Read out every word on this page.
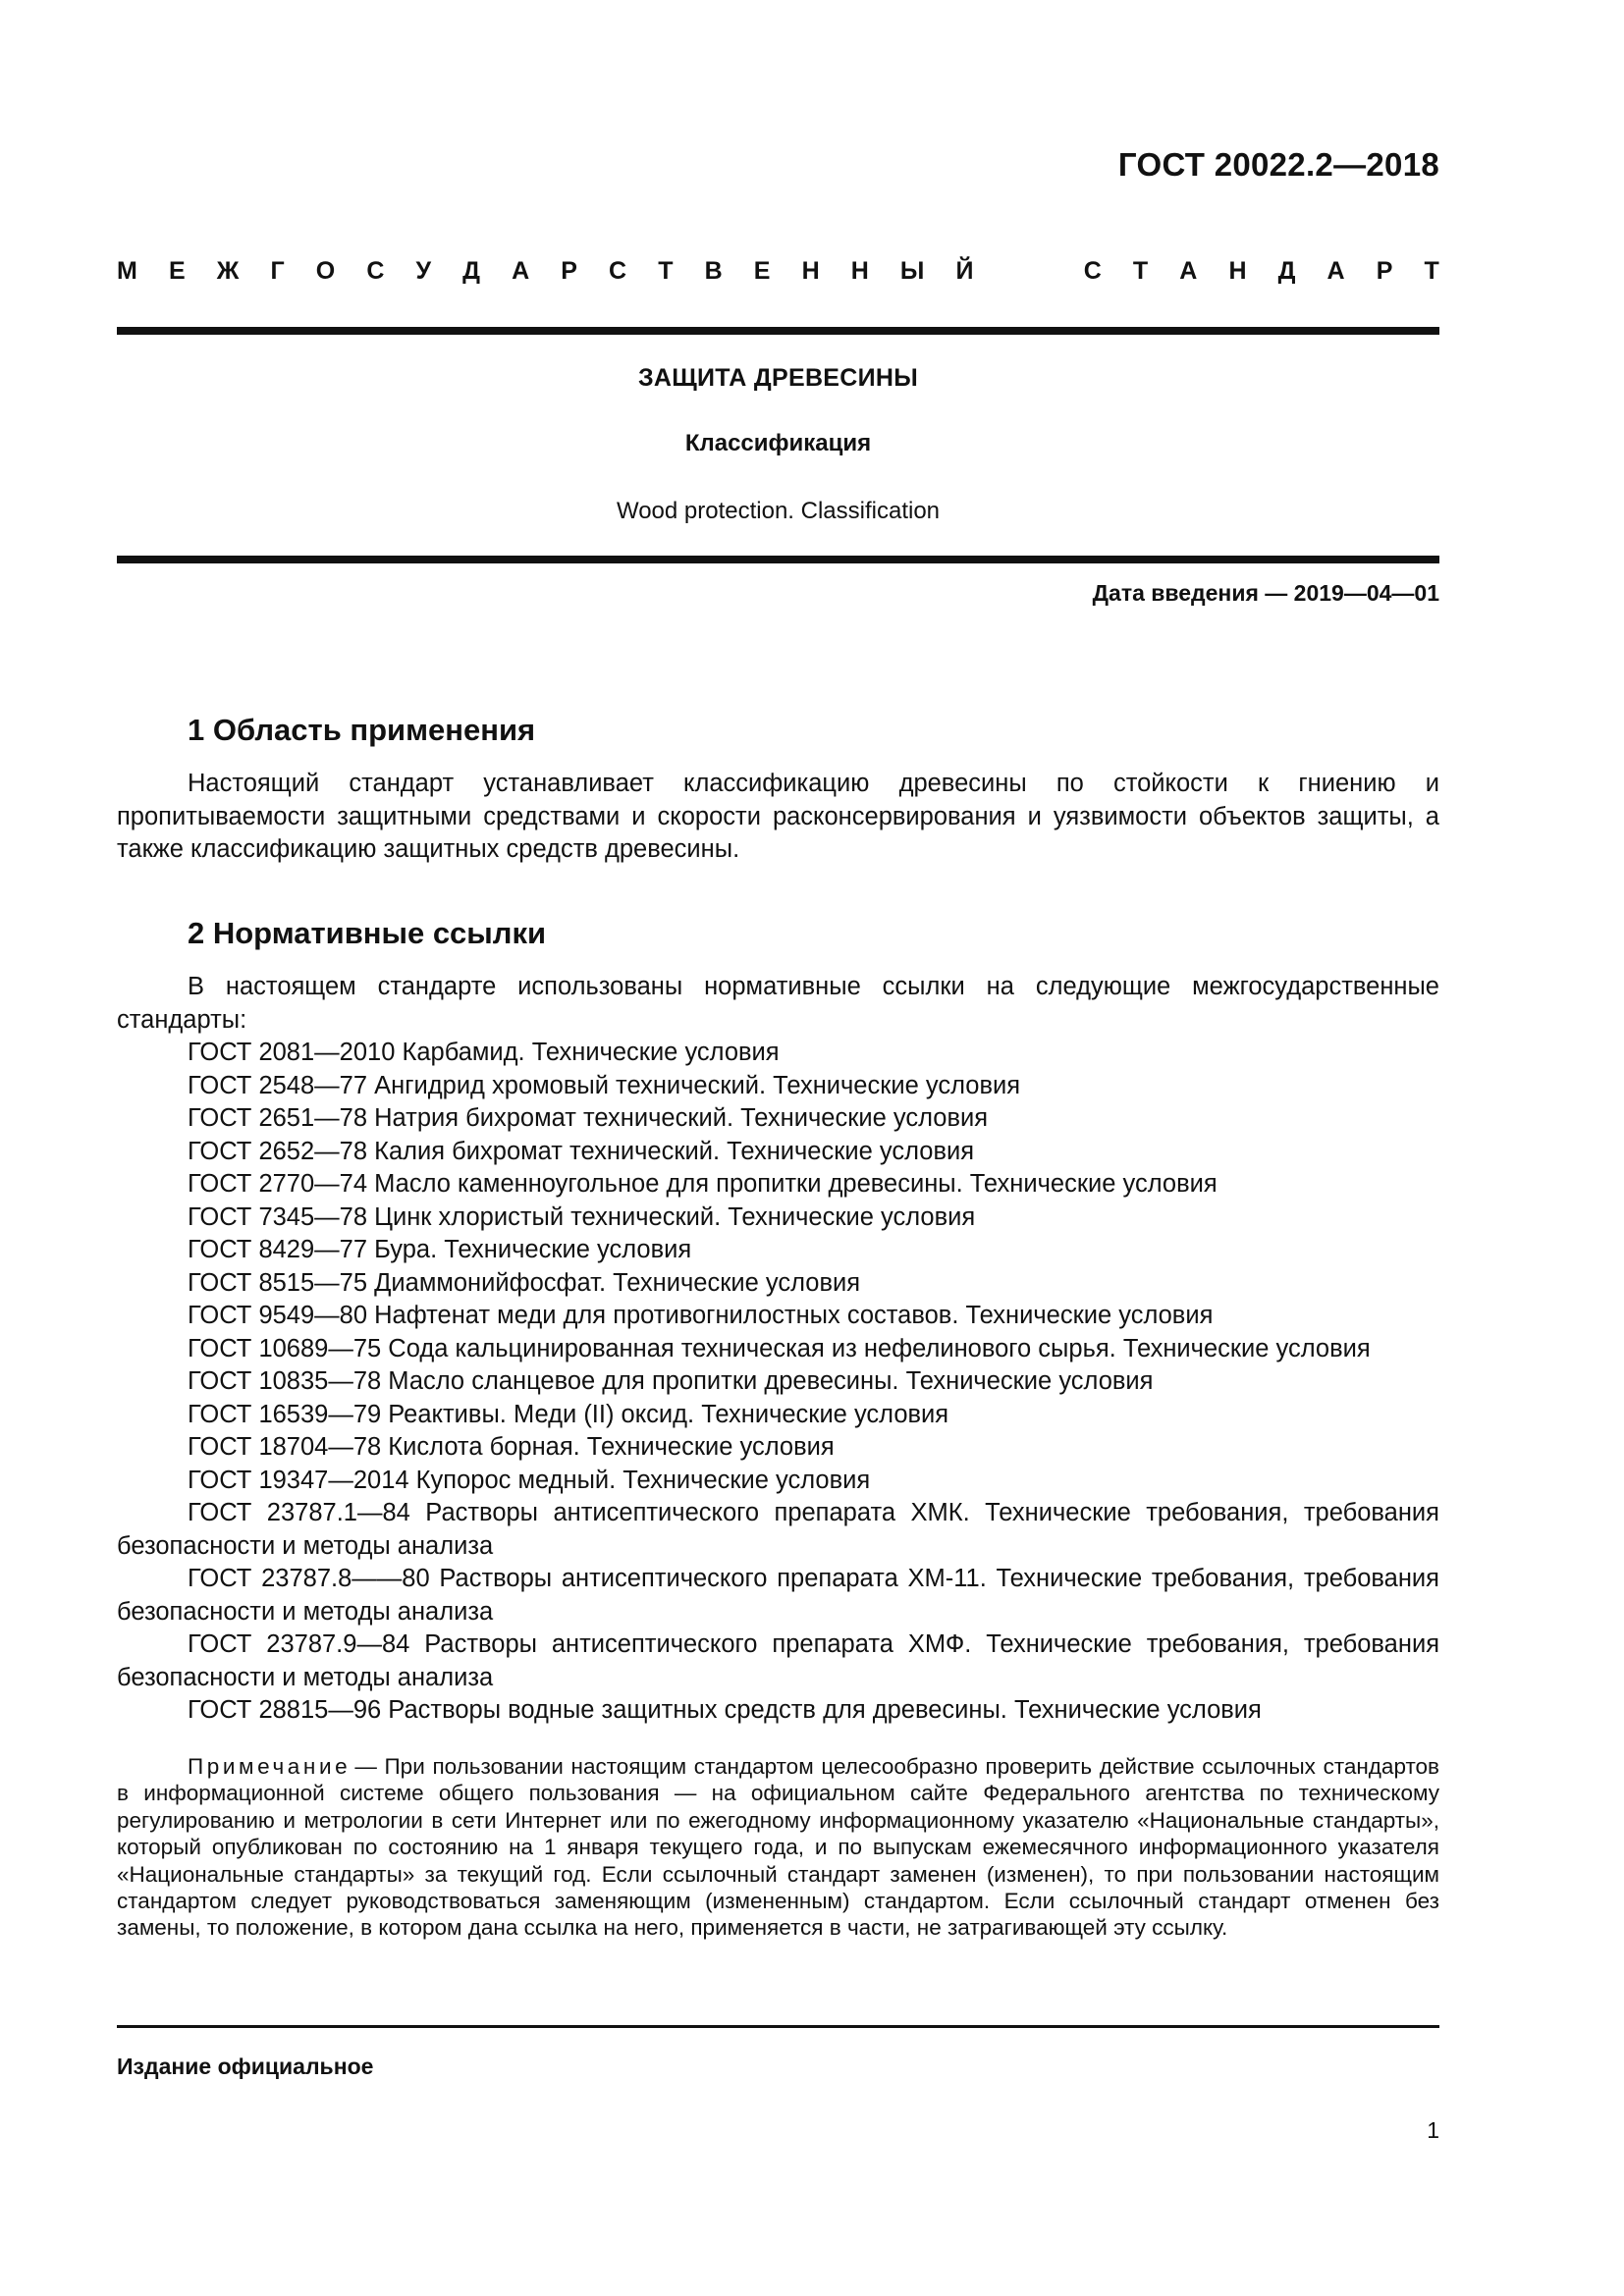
ГОСТ 20022.2—2018
М Е Ж Г О С У Д А Р С Т В Е Н Н Ы Й	С Т А Н Д А Р Т
ЗАЩИТА ДРЕВЕСИНЫ
Классификация
Wood protection. Classification
Дата введения — 2019—04—01
1 Область применения
Настоящий стандарт устанавливает классификацию древесины по стойкости к гниению и пропитываемости защитными средствами и скорости расконсервирования и уязвимости объектов защиты, а также классификацию защитных средств древесины.
2 Нормативные ссылки
В настоящем стандарте использованы нормативные ссылки на следующие межгосударственные стандарты:
ГОСТ 2081—2010 Карбамид. Технические условия
ГОСТ 2548—77 Ангидрид хромовый технический. Технические условия
ГОСТ 2651—78 Натрия бихромат технический. Технические условия
ГОСТ 2652—78 Калия бихромат технический. Технические условия
ГОСТ 2770—74 Масло каменноугольное для пропитки древесины. Технические условия
ГОСТ 7345—78 Цинк хлористый технический. Технические условия
ГОСТ 8429—77 Бура. Технические условия
ГОСТ 8515—75 Диаммонийфосфат. Технические условия
ГОСТ 9549—80 Нафтенат меди для противогнилостных составов. Технические условия
ГОСТ 10689—75 Сода кальцинированная техническая из нефелинового сырья. Технические условия
ГОСТ 10835—78 Масло сланцевое для пропитки древесины. Технические условия
ГОСТ 16539—79 Реактивы. Меди (II) оксид. Технические условия
ГОСТ 18704—78 Кислота борная. Технические условия
ГОСТ 19347—2014 Купорос медный. Технические условия
ГОСТ 23787.1—84 Растворы антисептического препарата ХМК. Технические требования, требования безопасности и методы анализа
ГОСТ 23787.8——80 Растворы антисептического препарата ХМ-11. Технические требования, требования безопасности и методы анализа
ГОСТ 23787.9—84 Растворы антисептического препарата ХМФ. Технические требования, требования безопасности и методы анализа
ГОСТ 28815—96 Растворы водные защитных средств для древесины. Технические условия
Примечание — При пользовании настоящим стандартом целесообразно проверить действие ссылочных стандартов в информационной системе общего пользования — на официальном сайте Федерального агентства по техническому регулированию и метрологии в сети Интернет или по ежегодному информационному указателю «Национальные стандарты», который опубликован по состоянию на 1 января текущего года, и по выпускам ежемесячного информационного указателя «Национальные стандарты» за текущий год. Если ссылочный стандарт заменен (изменен), то при пользовании настоящим стандартом следует руководствоваться заменяющим (измененным) стандартом. Если ссылочный стандарт отменен без замены, то положение, в котором дана ссылка на него, применяется в части, не затрагивающей эту ссылку.
Издание официальное
1
